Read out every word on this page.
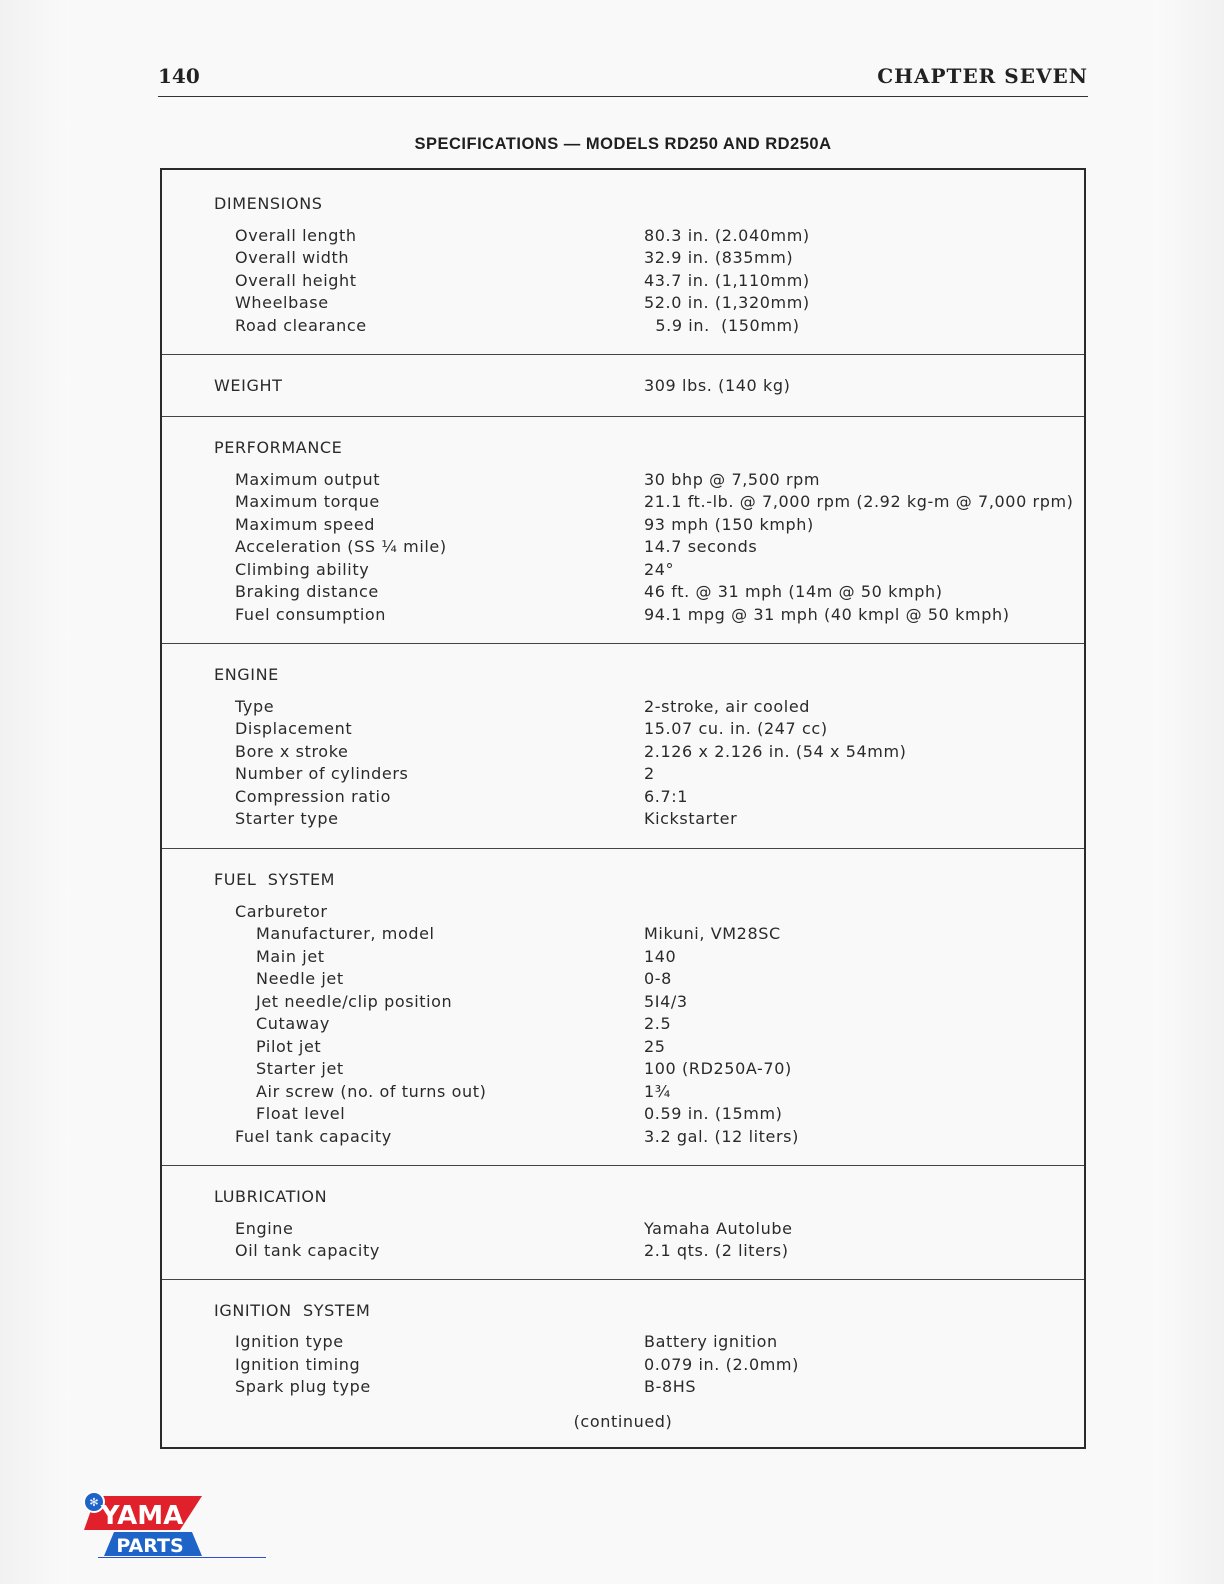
140	CHAPTER SEVEN
SPECIFICATIONS — MODELS RD250 AND RD250A
DIMENSIONS
Overall length	80.3 in. (2.040mm)
Overall width	32.9 in. (835mm)
Overall height	43.7 in. (1,110mm)
Wheelbase	52.0 in. (1,320mm)
Road clearance	5.9 in.  (150mm)
WEIGHT	309 lbs. (140 kg)
PERFORMANCE
Maximum output	30 bhp @ 7,500 rpm
Maximum torque	21.1 ft.-lb. @ 7,000 rpm (2.92 kg-m @ 7,000 rpm)
Maximum speed	93 mph (150 kmph)
Acceleration (SS ¼ mile)	14.7 seconds
Climbing ability	24°
Braking distance	46 ft. @ 31 mph (14m @ 50 kmph)
Fuel consumption	94.1 mpg @ 31 mph (40 kmpl @ 50 kmph)
ENGINE
Type	2-stroke, air cooled
Displacement	15.07 cu. in. (247 cc)
Bore x stroke	2.126 x 2.126 in. (54 x 54mm)
Number of cylinders	2
Compression ratio	6.7:1
Starter type	Kickstarter
FUEL  SYSTEM
Carburetor
Manufacturer, model	Mikuni, VM28SC
Main jet	140
Needle jet	0-8
Jet needle/clip position	5I4/3
Cutaway	2.5
Pilot jet	25
Starter jet	100 (RD250A-70)
Air screw (no. of turns out)	1¾
Float level	0.59 in. (15mm)
Fuel tank capacity	3.2 gal. (12 liters)
LUBRICATION
Engine	Yamaha Autolube
Oil tank capacity	2.1 qts. (2 liters)
IGNITION  SYSTEM
Ignition type	Battery ignition
Ignition timing	0.079 in. (2.0mm)
Spark plug type	B-8HS
(continued)
✻ YAMA
PARTS
